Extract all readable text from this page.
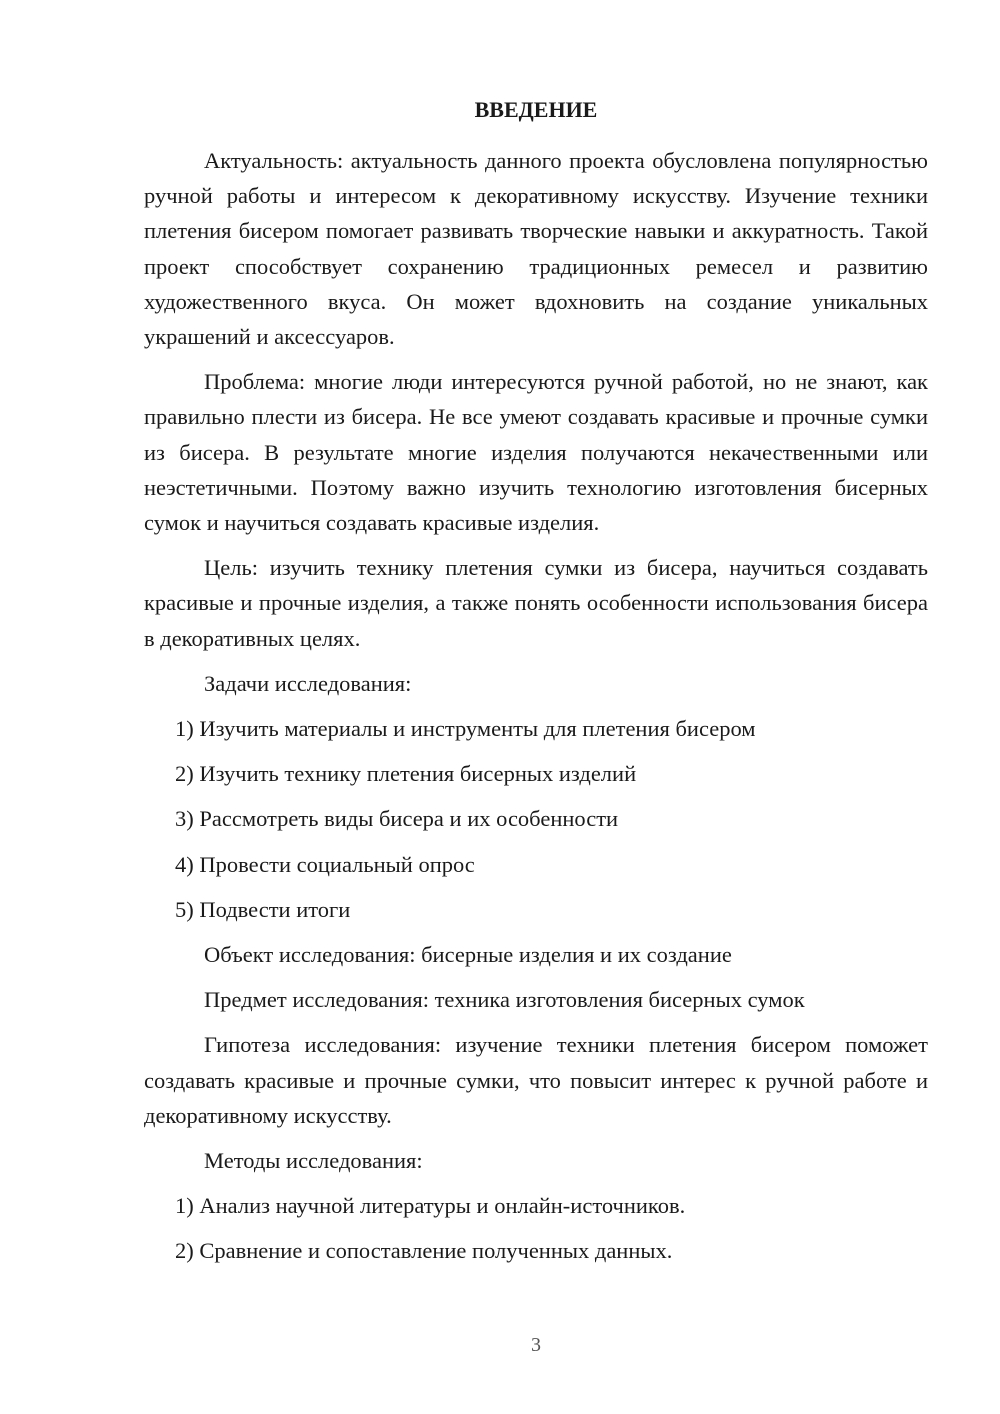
ВВЕДЕНИЕ

Актуальность: актуальность данного проекта обусловлена популярностью ручной работы и интересом к декоративному искусству. Изучение техники плетения бисером помогает развивать творческие навыки и аккуратность. Такой проект способствует сохранению традиционных ремесел и развитию художественного вкуса. Он может вдохновить на создание уникальных украшений и аксессуаров.

Проблема: многие люди интересуются ручной работой, но не знают, как правильно плести из бисера. Не все умеют создавать красивые и прочные сумки из бисера. В результате многие изделия получаются некачественными или неэстетичными. Поэтому важно изучить технологию изготовления бисерных сумок и научиться создавать красивые изделия.

Цель: изучить технику плетения сумки из бисера, научиться создавать красивые и прочные изделия, а также понять особенности использования бисера в декоративных целях.

Задачи исследования:

1) Изучить материалы и инструменты для плетения бисером

2) Изучить технику плетения бисерных изделий

3) Рассмотреть виды бисера и их особенности

4) Провести социальный опрос

5) Подвести итоги

Объект исследования: бисерные изделия и их создание

Предмет исследования: техника изготовления бисерных сумок

Гипотеза исследования: изучение техники плетения бисером поможет создавать красивые и прочные сумки, что повысит интерес к ручной работе и декоративному искусству.

Методы исследования:

1) Анализ научной литературы и онлайн-источников.

2) Сравнение и сопоставление полученных данных.

3
